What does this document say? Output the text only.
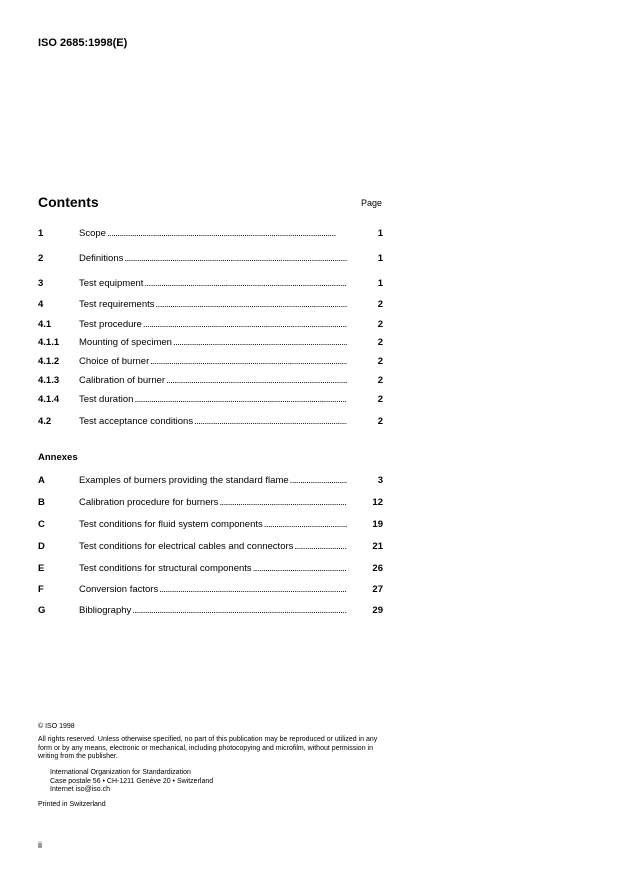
ISO 2685:1998(E)
Contents	Page
1	Scope . . .	1
2	Definitions . . .	1
3	Test equipment . . .	1
4	Test requirements . . .	2
4.1	Test procedure . . .	2
4.1.1 Mounting of specimen . . .	2
4.1.2 Choice of burner . . .	2
4.1.3 Calibration of burner . . .	2
4.1.4 Test duration . . .	2
4.2	Test acceptance conditions . . .	2
Annexes
A	Examples of burners providing the standard flame . . .	3
B	Calibration procedure for burners . . .	12
C	Test conditions for fluid system components . . .	19
D	Test conditions for electrical cables and connectors . . .	21
E	Test conditions for structural components . . .	26
F	Conversion factors . . .	27
G	Bibliography . . .	29
© ISO 1998
All rights reserved. Unless otherwise specified, no part of this publication may be reproduced or utilized in any form or by any means, electronic or mechanical, including photocopying and microfilm, without permission in writing from the publisher.
International Organization for Standardization
Case postale 56 • CH-1211 Genève 20 • Switzerland
Internet iso@iso.ch
Printed in Switzerland
ii
